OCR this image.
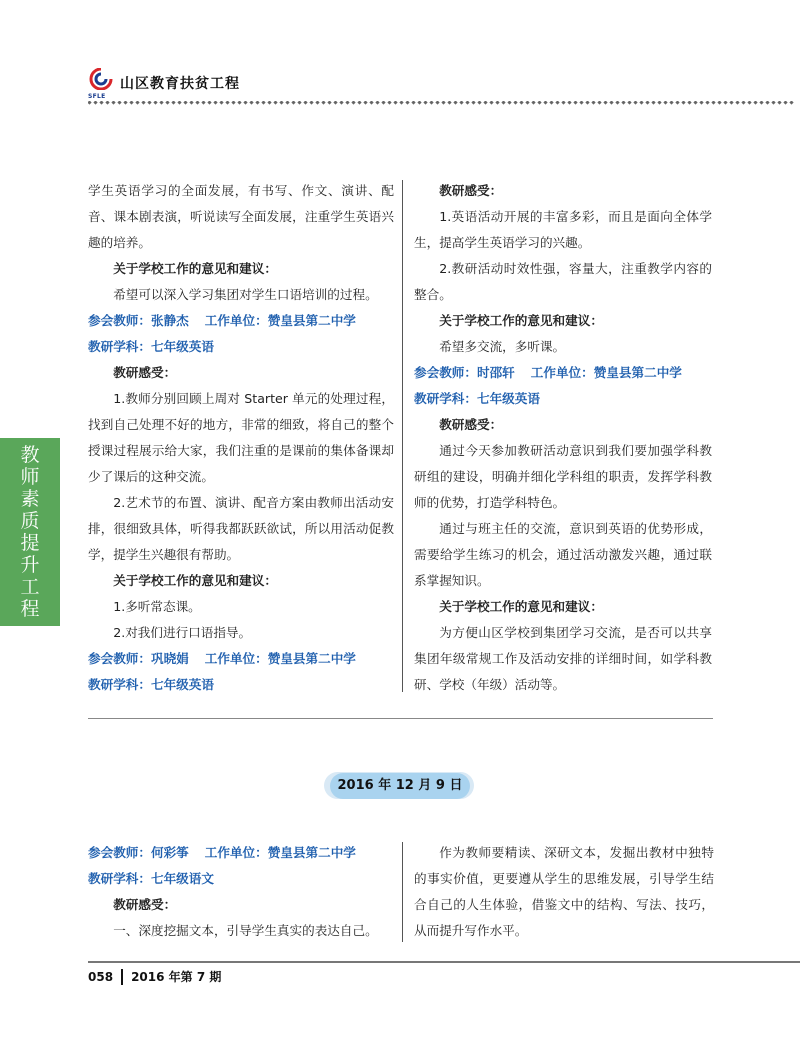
SFLE
山区教育扶贫工程
教
师
素
质
提
升
工
程

学生英语学习的全面发展，有书写、作文、演讲、配音、课本剧表演，听说读写全面发展，注重学生英语兴趣的培养。

关于学校工作的意见和建议：

希望可以深入学习集团对学生口语培训的过程。

参会教师：张静杰 工作单位：赞皇县第二中学

教研学科：七年级英语

教研感受：

1.教师分别回顾上周对 Starter 单元的处理过程，找到自己处理不好的地方，非常的细致，将自己的整个授课过程展示给大家，我们注重的是课前的集体备课却少了课后的这种交流。

2.艺术节的布置、演讲、配音方案由教师出活动安排，很细致具体，听得我都跃跃欲试，所以用活动促教学，提学生兴趣很有帮助。

关于学校工作的意见和建议：

1.多听常态课。

2.对我们进行口语指导。

参会教师：巩晓娟 工作单位：赞皇县第二中学

教研学科：七年级英语

教研感受：

1.英语活动开展的丰富多彩，而且是面向全体学生，提高学生英语学习的兴趣。

2.教研活动时效性强，容量大，注重教学内容的整合。

关于学校工作的意见和建议：

希望多交流，多听课。

参会教师：时邵轩 工作单位：赞皇县第二中学

教研学科：七年级英语

教研感受：

通过今天参加教研活动意识到我们要加强学科教研组的建设，明确并细化学科组的职责，发挥学科教师的优势，打造学科特色。

通过与班主任的交流，意识到英语的优势形成，需要给学生练习的机会，通过活动激发兴趣，通过联系掌握知识。

关于学校工作的意见和建议：

为方便山区学校到集团学习交流，是否可以共享集团年级常规工作及活动安排的详细时间，如学科教研、学校（年级）活动等。

2016 年 12 月 9 日

参会教师：何彩筝 工作单位：赞皇县第二中学

教研学科：七年级语文

教研感受：

一、深度挖掘文本，引导学生真实的表达自己。

作为教师要精读、深研文本，发掘出教材中独特的事实价值，更要遵从学生的思维发展，引导学生结合自己的人生体验，借鉴文中的结构、写法、技巧，从而提升写作水平。

058 2016 年第 7 期
